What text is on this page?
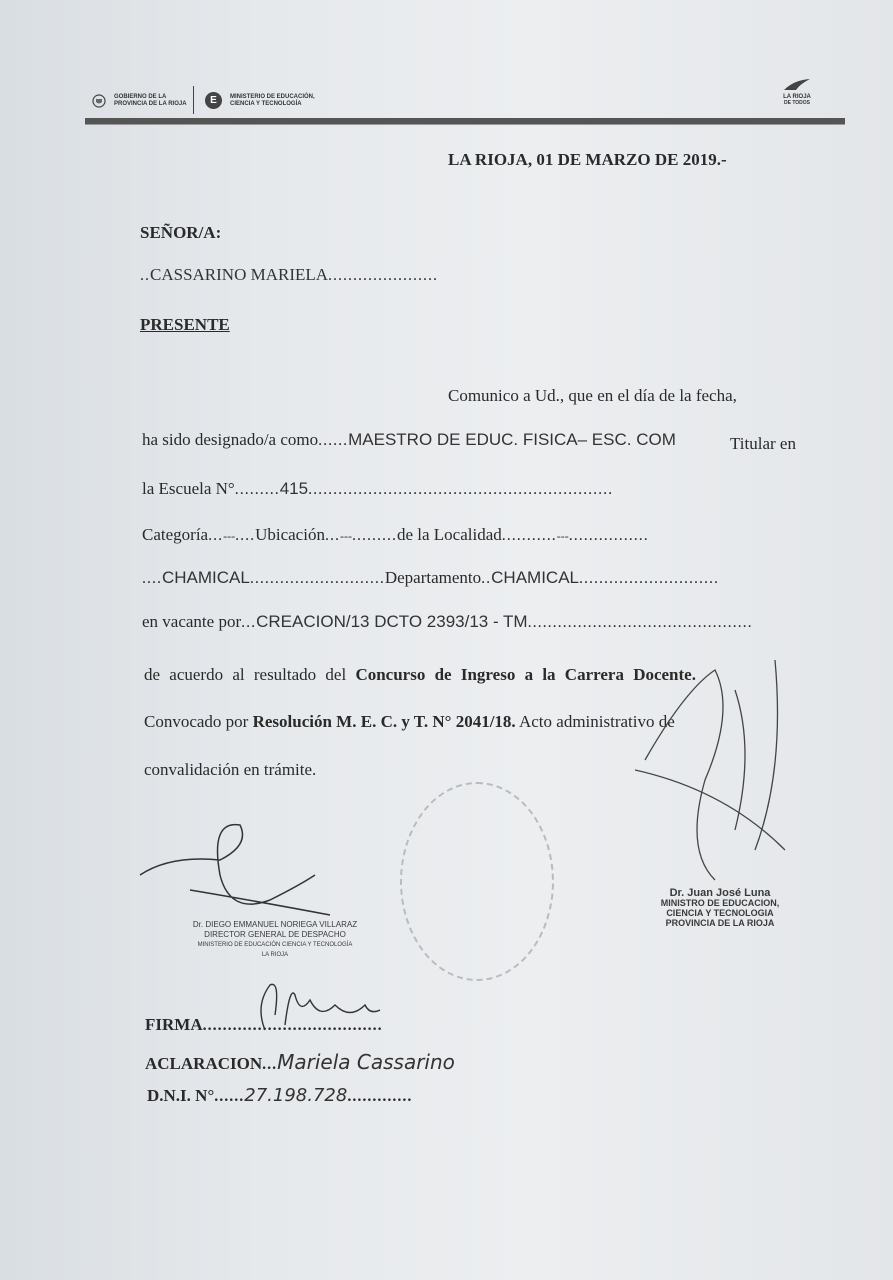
GOBIERNO DE LA
PROVINCIA DE LA RIOJA	E	MINISTERIO DE EDUCACIÓN,
CIENCIA Y TECNOLOGÍA
LA RIOJA
DE TODOS
LA RIOJA, 01 DE MARZO DE 2019.-
SEÑOR/A:
..CASSARINO MARIELA......................
PRESENTE
Comunico a Ud., que en el día de la fecha,
ha sido designado/a como......MAESTRO DE EDUC. FISICA– ESC. COM	Titular en
la Escuela N°.........415.............................................................
Categoría...---....Ubicación...---.........de la Localidad...........---................
....CHAMICAL...........................Departamento..CHAMICAL............................
en vacante por...CREACION/13 DCTO 2393/13 - TM.............................................
de acuerdo al resultado del Concurso de Ingreso a la Carrera Docente.
Convocado por Resolución M. E. C. y T. N° 2041/18. Acto administrativo de
convalidación en trámite.
Dr. DIEGO EMMANUEL NORIEGA VILLARAZ
DIRECTOR GENERAL DE DESPACHO
MINISTERIO DE EDUCACIÓN CIENCIA Y TECNOLOGÍA
LA RIOJA
Dr. Juan José Luna
MINISTRO DE EDUCACION,
CIENCIA Y TECNOLOGIA
PROVINCIA DE LA RIOJA
FIRMA....................................
ACLARACION...Mariela Cassarino
D.N.I. N°......27.198.728.............
